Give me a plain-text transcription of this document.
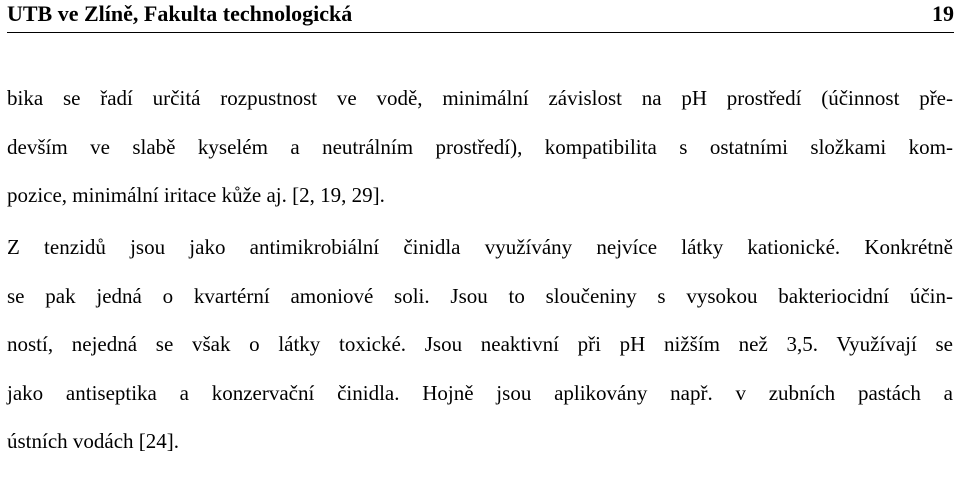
UTB ve Zlíně, Fakulta technologická	19
bika se řadí určitá rozpustnost ve vodě, minimální závislost na pH prostředí (účinnost pře-
devším ve slabě kyselém a neutrálním prostředí), kompatibilita s ostatními složkami kom-
pozice, minimální iritace kůže aj. [2, 19, 29].
Z tenzidů jsou jako antimikrobiální činidla využívány nejvíce látky kationické. Konkrétně
se pak jedná o kvartérní amoniové soli. Jsou to sloučeniny s vysokou bakteriocidní účin-
ností, nejedná se však o látky toxické. Jsou neaktivní při pH nižším než 3,5. Využívají se
jako antiseptika a konzervační činidla. Hojně jsou aplikovány např. v zubních pastách a
ústních vodách [24].
